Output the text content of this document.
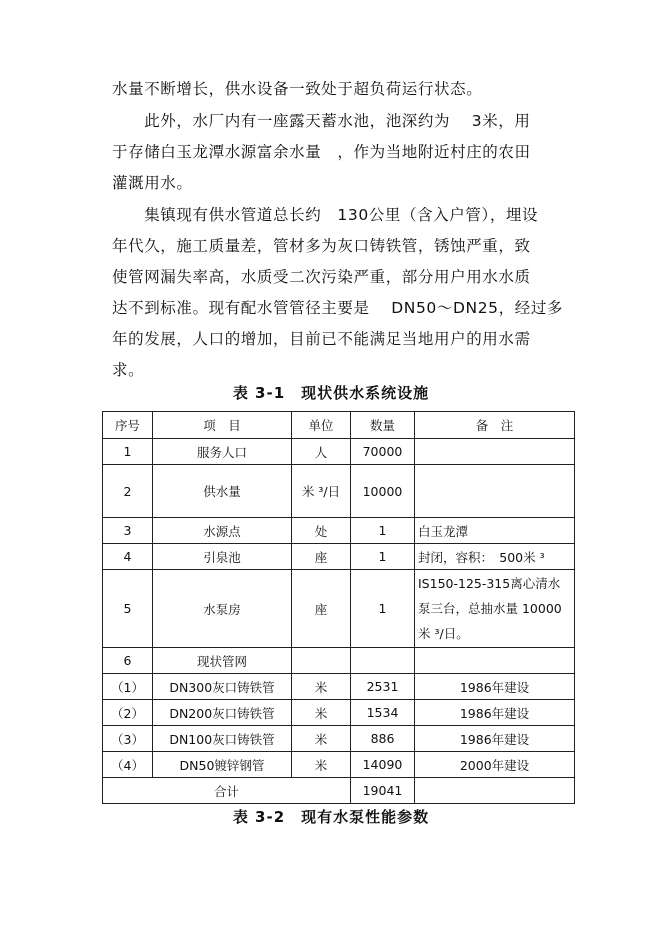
水量不断增长，供水设备一致处于超负荷运行状态。

　　此外，水厂内有一座露天蓄水池，池深约为　 3米，用
于存储白玉龙潭水源富余水量　，作为当地附近村庄的农田
灌溉用水。

　　集镇现有供水管道总长约　130公里（含入户管），埋设
年代久，施工质量差，管材多为灰口铸铁管，锈蚀严重，致
使管网漏失率高，水质受二次污染严重，部分用户用水水质
达不到标准。现有配水管管径主要是　 DN50～DN25，经过多
年的发展，人口的增加，目前已不能满足当地用户的用水需
求。

表 3-1　现状供水系统设施
序号	项　目	单位	数量	备　注
1	服务人口	人	70000	
2	供水量	米 ³/日	10000	
3	水源点	处	1	白玉龙潭
4	引泉池	座	1	封闭，容积：　500米 ³
5	水泵房	座	1	IS150-125-315离心清水泵三台，总抽水量 10000米 ³/日。
6	现状管网			
（1）	DN300灰口铸铁管	米	2531	1986年建设
（2）	DN200灰口铸铁管	米	1534	1986年建设
（3）	DN100灰口铸铁管	米	886	1986年建设
（4）	DN50镀锌钢管	米	14090	2000年建设
合计			19041	
表 3-2　现有水泵性能参数
